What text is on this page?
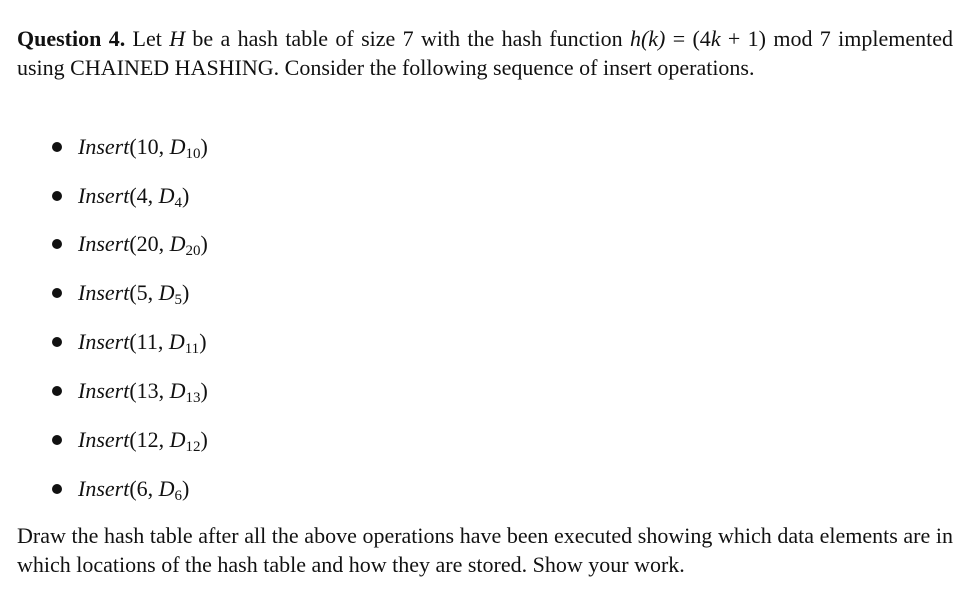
Question 4. Let H be a hash table of size 7 with the hash function h(k) = (4k + 1) mod 7 implemented using CHAINED HASHING. Consider the following sequence of insert operations.

Insert(10, $D_{10}$)
Insert(4, $D_4$)
Insert(20, $D_{20}$)
Insert(5, $D_5$)
Insert(11, $D_{11}$)
Insert(13, $D_{13}$)
Insert(12, $D_{12}$)
Insert(6, $D_6$)

Draw the hash table after all the above operations have been executed showing which data elements are in which locations of the hash table and how they are stored. Show your work.
